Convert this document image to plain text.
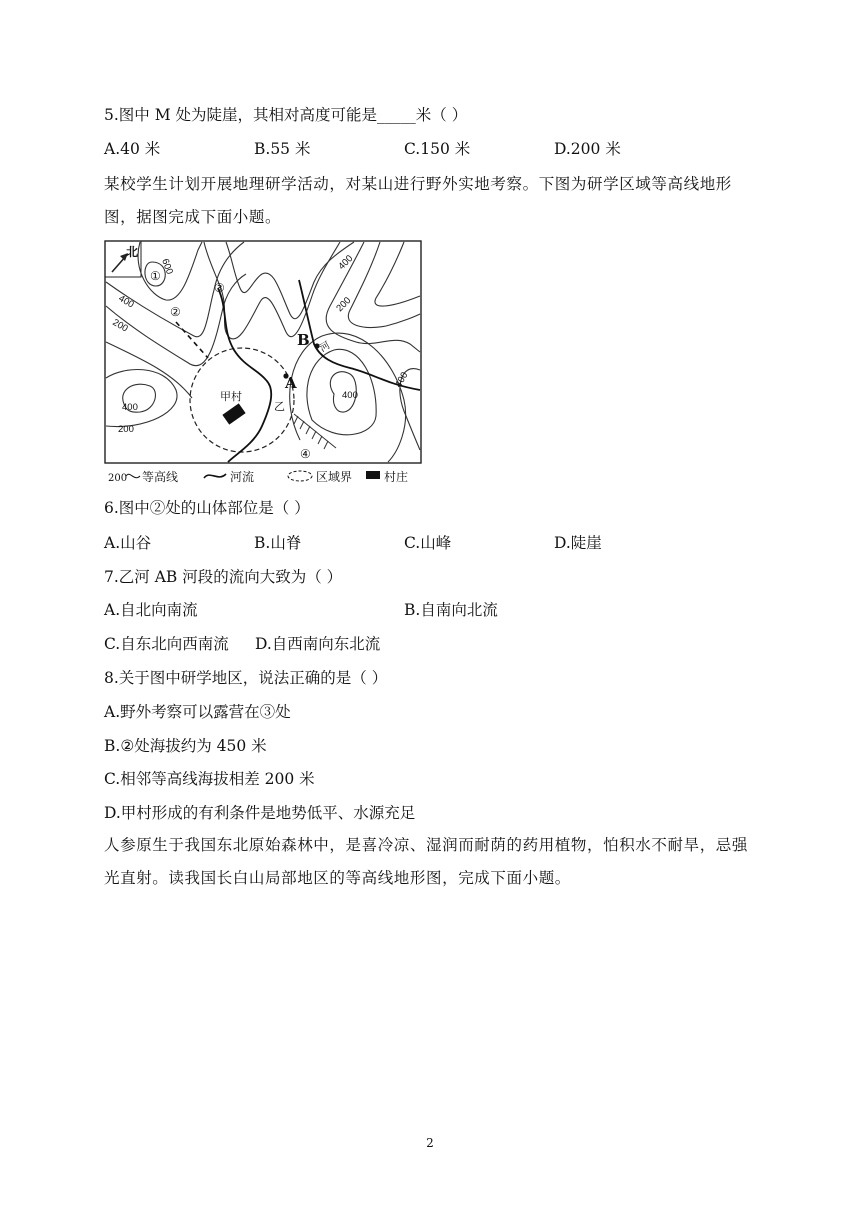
5.图中 M 处为陡崖，其相对高度可能是_____米（ ）
A.40 米	B.55 米	C.150 米	D.200 米
某校学生计划开展地理研学活动，对某山进行野外实地考察。下图为研学区域等高线地形图，据图完成下面小题。
北
甲村
乙
B
A
河
①
②
③
④
600
400
200
400
200
400
400
400
200
200 等高线	河流	区域界	村庄
6.图中②处的山体部位是（ ）
A.山谷	B.山脊	C.山峰	D.陡崖
7.乙河 AB 河段的流向大致为（ ）
A.自北向南流	B.自南向北流
C.自东北向西南流 D.自西南向东北流
8.关于图中研学地区，说法正确的是（ ）
A.野外考察可以露营在③处
B.②处海拔约为 450 米
C.相邻等高线海拔相差 200 米
D.甲村形成的有利条件是地势低平、水源充足
人参原生于我国东北原始森林中，是喜冷凉、湿润而耐荫的药用植物，怕积水不耐旱，忌强光直射。读我国长白山局部地区的等高线地形图，完成下面小题。
2
